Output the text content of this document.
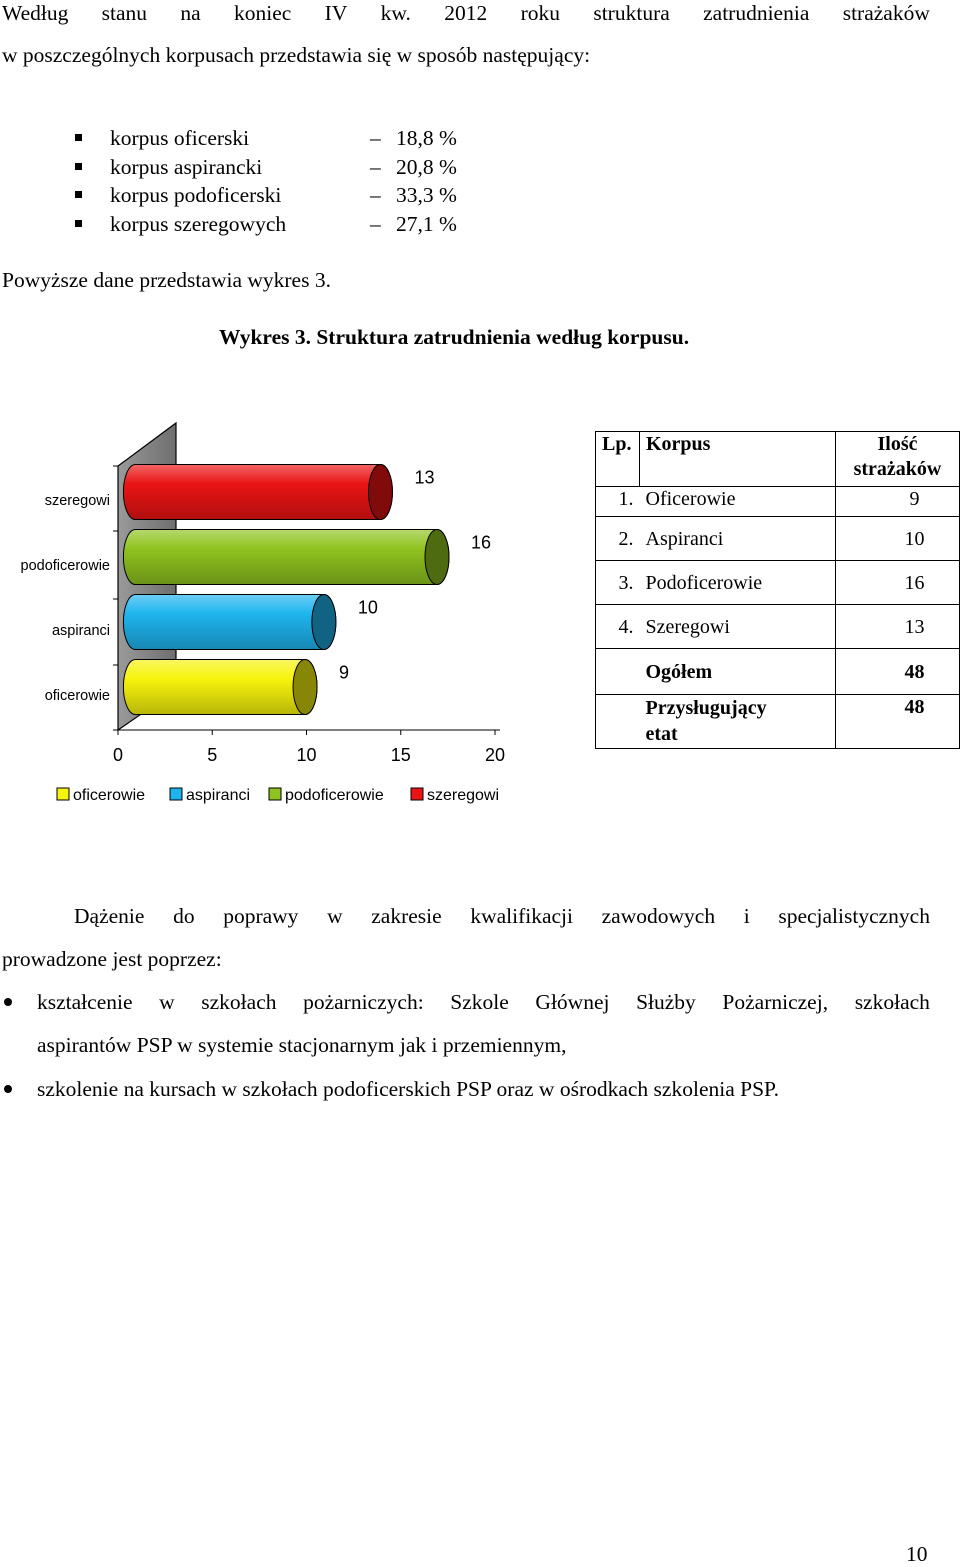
Według stanu na koniec IV kw. 2012 roku struktura zatrudnienia strażaków
w poszczególnych korpusach przedstawia się w sposób następujący:
korpus oficerski	– 18,8 %
korpus aspirancki	– 20,8 %
korpus podoficerski	– 33,3 %
korpus szeregowych	– 27,1 %
Powyższe dane przedstawia wykres 3.
Wykres 3. Struktura zatrudnienia według korpusu.
oficerowie
aspiranci
podoficerowie
szeregowi
9
10
16
13
0	5	10	15	20
oficerowie	aspiranci podoficerowie	szeregowi
Lp.	Korpus	Ilość strażaków
1.	Oficerowie	9
2.	Aspiranci	10
3.	Podoficerowie	16
4.	Szeregowi	13
	Ogółem	48
	Przysługujący etat	48
Dążenie do poprawy w zakresie kwalifikacji zawodowych i specjalistycznych
prowadzone jest poprzez:
kształcenie w szkołach pożarniczych: Szkole Głównej Służby Pożarniczej, szkołach
aspirantów PSP w systemie stacjonarnym jak i przemiennym,
szkolenie na kursach w szkołach podoficerskich PSP oraz w ośrodkach szkolenia PSP.
10
